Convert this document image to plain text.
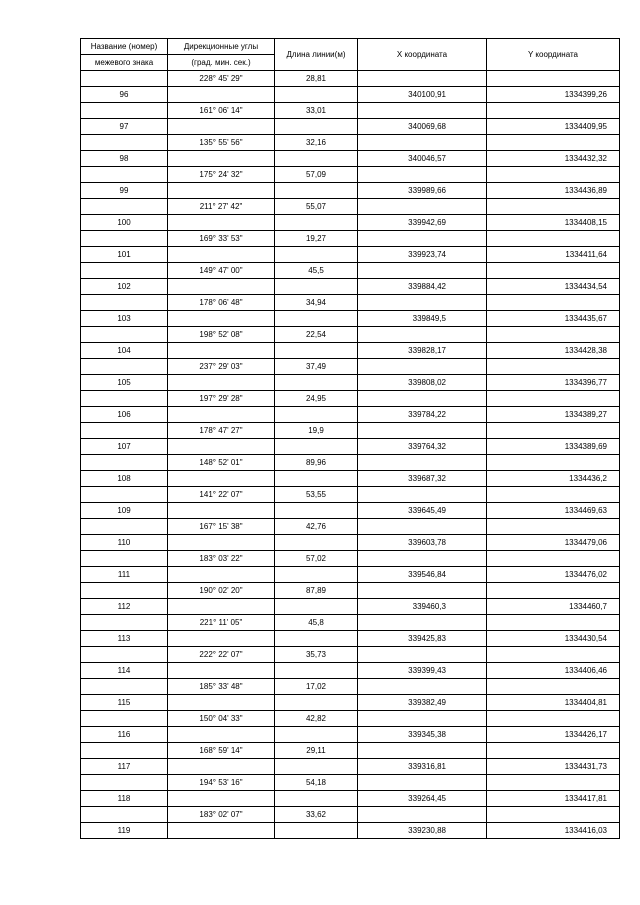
Название (номер)	Дирекционные углы	Длина линии(м)	X координата	Y координата
межевого знака	(град. мин. сек.)			
	228° 45' 29"	28,81		
96			340100,91	1334399,26
	161° 06' 14"	33,01		
97			340069,68	1334409,95
	135° 55' 56"	32,16		
98			340046,57	1334432,32
	175° 24' 32"	57,09		
99			339989,66	1334436,89
	211° 27' 42"	55,07		
100			339942,69	1334408,15
	169° 33' 53"	19,27		
101			339923,74	1334411,64
	149° 47' 00"	45,5		
102			339884,42	1334434,54
	178° 06' 48"	34,94		
103			339849,5	1334435,67
	198° 52' 08"	22,54		
104			339828,17	1334428,38
	237° 29' 03"	37,49		
105			339808,02	1334396,77
	197° 29' 28"	24,95		
106			339784,22	1334389,27
	178° 47' 27"	19,9		
107			339764,32	1334389,69
	148° 52' 01"	89,96		
108			339687,32	1334436,2
	141° 22' 07"	53,55		
109			339645,49	1334469,63
	167° 15' 38"	42,76		
110			339603,78	1334479,06
	183° 03' 22"	57,02		
111			339546,84	1334476,02
	190° 02' 20"	87,89		
112			339460,3	1334460,7
	221° 11' 05"	45,8		
113			339425,83	1334430,54
	222° 22' 07"	35,73		
114			339399,43	1334406,46
	185° 33' 48"	17,02		
115			339382,49	1334404,81
	150° 04' 33"	42,82		
116			339345,38	1334426,17
	168° 59' 14"	29,11		
117			339316,81	1334431,73
	194° 53' 16"	54,18		
118			339264,45	1334417,81
	183° 02' 07"	33,62		
119			339230,88	1334416,03
